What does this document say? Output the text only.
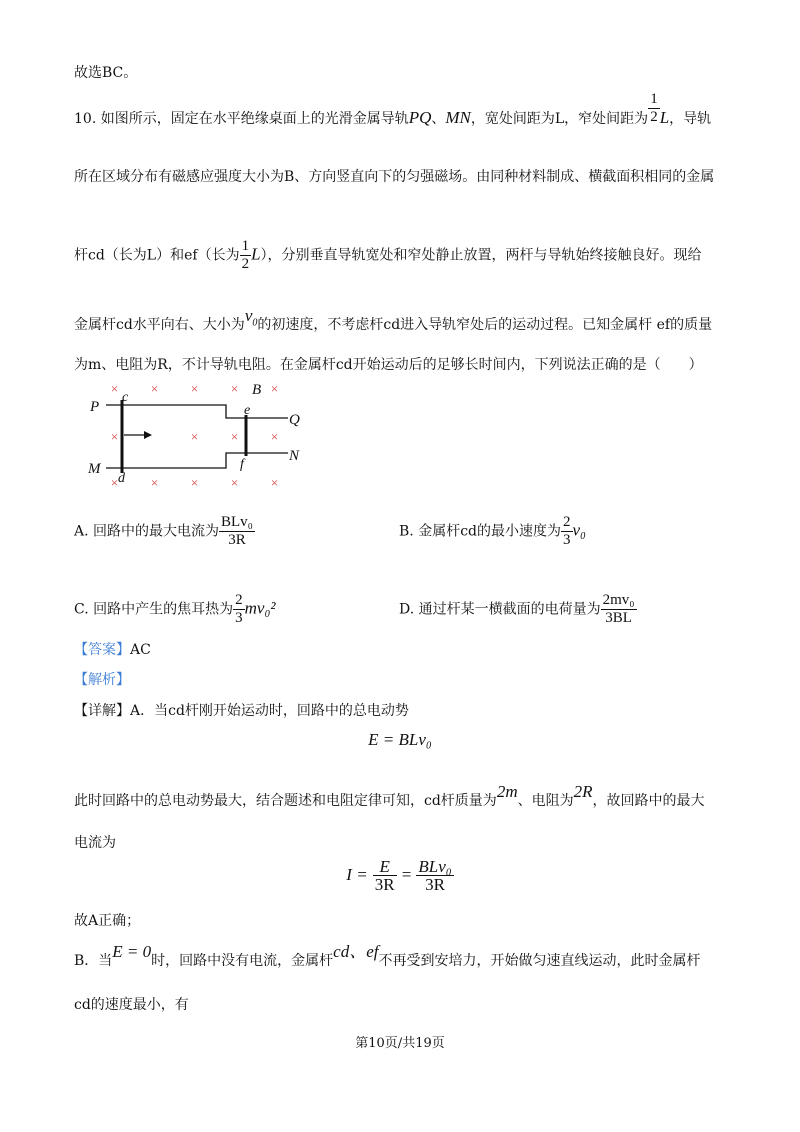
故选BC。
10. 如图所示，固定在水平绝缘桌面上的光滑金属导轨PQ、MN，宽处间距为L，窄处间距为 $\frac{1}{2}$ L，导轨
所在区域分布有磁感应强度大小为B、方向竖直向下的匀强磁场。由同种材料制成、横截面积相同的金属
杆cd（长为L）和ef（长为 $\frac{1}{2} L$），分别垂直导轨宽处和窄处静止放置，两杆与导轨始终接触良好。现给
金属杆cd水平向右、大小为$v_0$的初速度，不考虑杆cd进入导轨窄处后的运动过程。已知金属杆 ef的质量
为m、电阻为R，不计导轨电阻。在金属杆cd开始运动后的足够长时间内，下列说法正确的是（　　）
× × × × ×
×	× × ×
× × × × ×
P
c
M
d
e
B
f
Q
N
A. 回路中的最大电流为 $\frac{\text{BLv₀}}{3R}$	B. 金属杆cd的最小速度为 $\frac{2}{3} v_0$
C. 回路中产生的焦耳热为 $\frac{2}{3} mv_0^2$	D. 通过杆某一横截面的电荷量为 $\frac{\text{2mv₀}}{3BL}$
【答案】AC
【解析】
【详解】A．当cd杆刚开始运动时，回路中的总电动势
E = BLv₀
此时回路中的总电动势最大，结合题述和电阻定律可知，cd杆质量为2m、电阻为2R，故回路中的最大
电流为
$I = \frac{E}{3R} = \frac{\text{BLv₀}}{3R}$
故A正确；
B．当E = 0时，回路中没有电流，金属杆cd、ef不再受到安培力，开始做匀速直线运动，此时金属杆
cd的速度最小，有
第10页/共19页
